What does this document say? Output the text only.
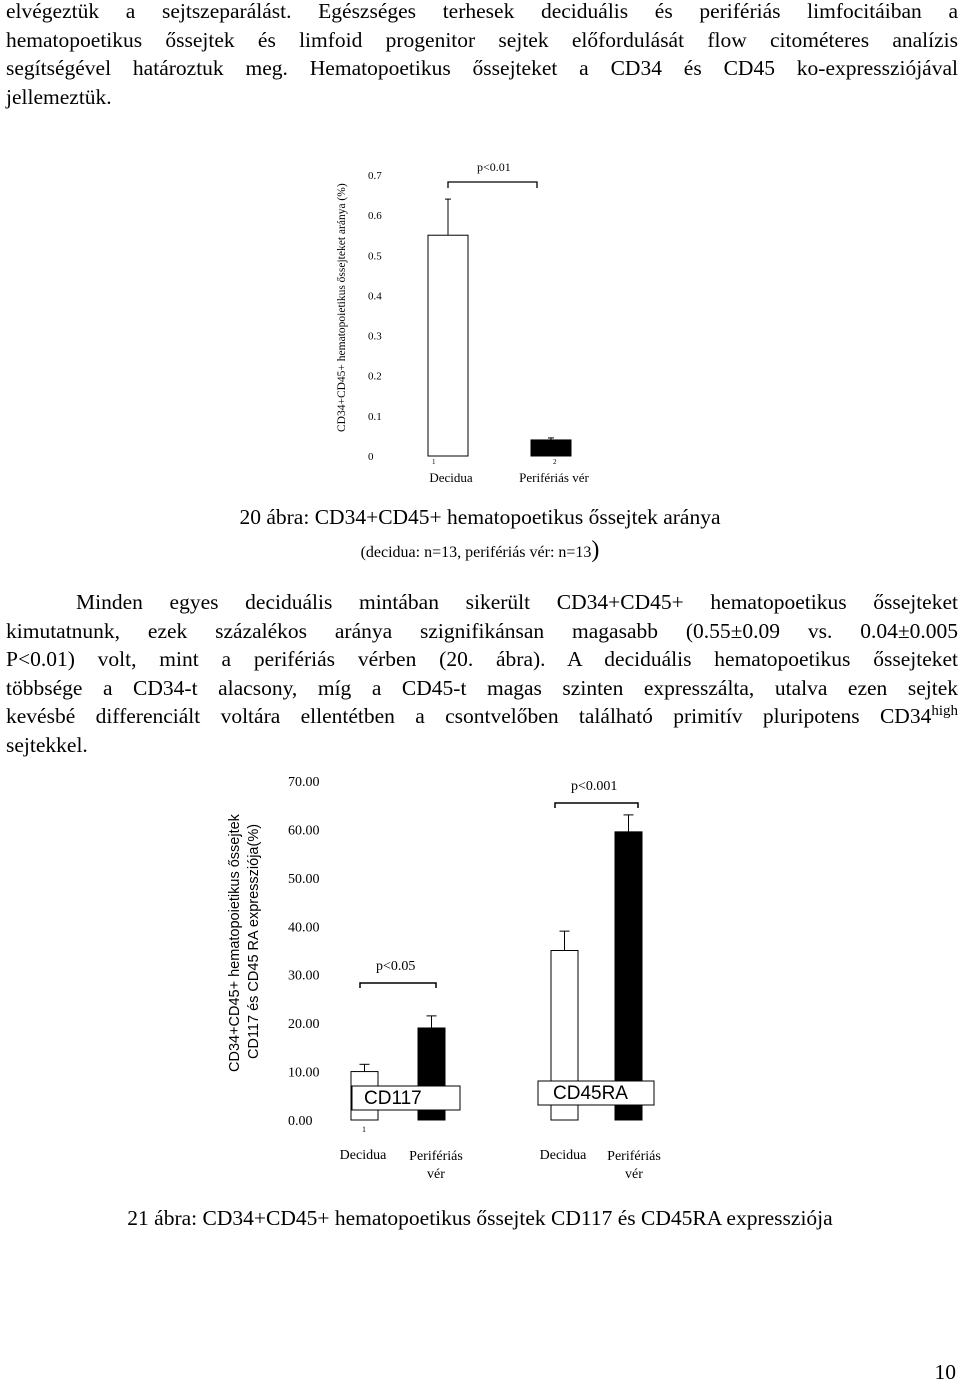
elvégeztük a sejtszeparálást. Egészséges terhesek deciduális és perifériás limfocitáiban a
hematopoetikus őssejtek és limfoid progenitor sejtek előfordulását flow citométeres analízis
segítségével határoztuk meg. Hematopoetikus őssejteket a CD34 és CD45 ko-expressziójával
jellemeztük.
CD34+CD45+ hematopoietikus őssejteket aránya (%)
0.7
0.6
0.5
0.4
0.3
0.2
0.1
0
p<0.01
1	2
Decidua	Perifériás vér

20 ábra: CD34+CD45+ hematopoetikus őssejtek aránya

(decidua: n=13, perifériás vér: n=13)

Minden egyes deciduális mintában sikerült CD34+CD45+ hematopoetikus őssejteket
kimutatnunk, ezek százalékos aránya szignifikánsan magasabb (0.55±0.09 vs. 0.04±0.005
P<0.01) volt, mint a perifériás vérben (20. ábra). A deciduális hematopoetikus őssejteket
többsége a CD34-t alacsony, míg a CD45-t magas szinten expresszálta, utalva ezen sejtek
kevésbé differenciált voltára ellentétben a csontvelőben található primitív pluripotens $CD34^{high}$
sejtekkel.
CD34+CD45+ hematopoietikus őssejtek CD117 és CD45 RA expressziója(%)
70.00
60.00
50.00
40.00
30.00
20.00
10.00
0.00
p<0.05
p<0.001
CD117	CD45RA
1
Decidua Perifériás
vér
Decidua Perifériás
vér

21 ábra: CD34+CD45+ hematopoetikus őssejtek CD117 és CD45RA expressziója

10
